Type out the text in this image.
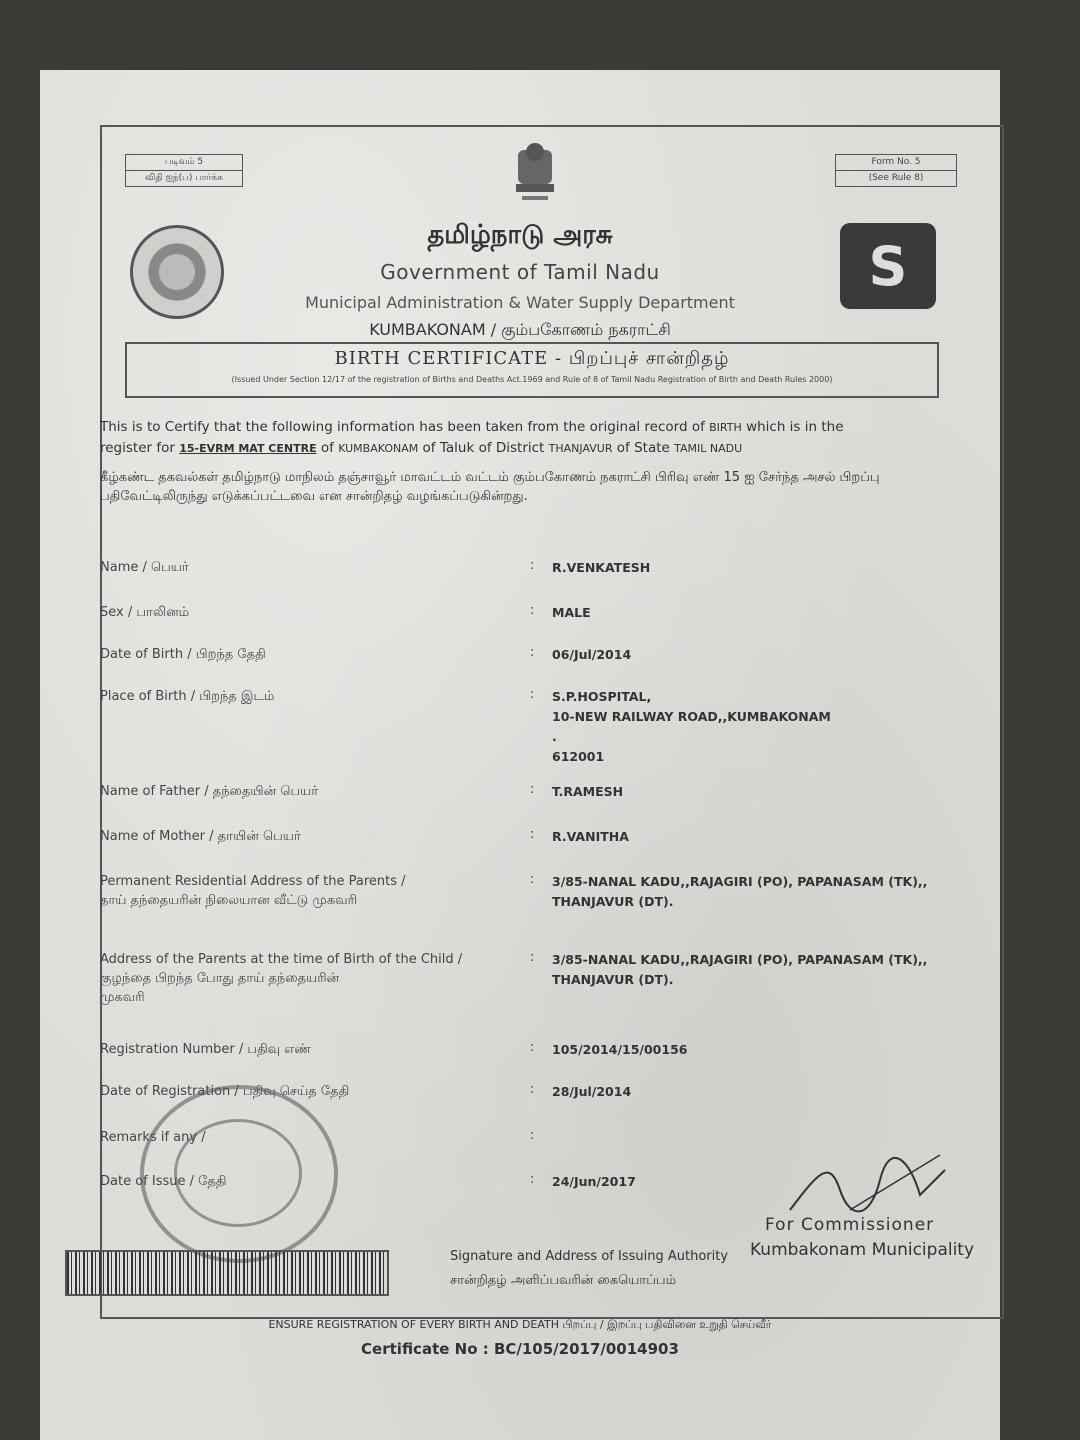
படிவம் 5
விதி ஐந்(ப) பார்க்க
Form No. 5
(See Rule 8)
S
தமிழ்நாடு அரசு
Government of Tamil Nadu
Municipal Administration & Water Supply Department
KUMBAKONAM / கும்பகோணம் நகராட்சி
BIRTH CERTIFICATE - பிறப்புச் சான்றிதழ்
(Issued Under Section 12/17 of the registration of Births and Deaths Act.1969 and Rule of 8 of Tamil Nadu Registration of Birth and Death Rules 2000)
This is to Certify that the following information has been taken from the original record of BIRTH which is in the register for 15-EVRM MAT CENTRE of KUMBAKONAM of Taluk of District THANJAVUR of State TAMIL NADU
கீழ்கண்ட தகவல்கள் தமிழ்நாடு மாநிலம் தஞ்சாவூர் மாவட்டம் வட்டம் கும்பகோணம் நகராட்சி பிரிவு எண் 15 ஐ சேர்ந்த அசல் பிறப்பு பதிவேட்டிலிருந்து எடுக்கப்பட்டவை என சான்றிதழ் வழங்கப்படுகின்றது.
Name / பெயர்	: R.VENKATESH
Sex / பாலினம்	: MALE
Date of Birth / பிறந்த தேதி	: 06/Jul/2014
Place of Birth / பிறந்த இடம்	: S.P.HOSPITAL,
10-NEW RAILWAY ROAD,,KUMBAKONAM
.
612001
Name of Father / தந்தையின் பெயர்	: T.RAMESH
Name of Mother / தாயின் பெயர்	: R.VANITHA
Permanent Residential Address of the Parents /
தாய் தந்தையரின் நிலையான வீட்டு முகவரி
: 3/85-NANAL KADU,,RAJAGIRI (PO), PAPANASAM (TK),,
THANJAVUR (DT).
Address of the Parents at the time of Birth of the Child /
குழந்தை பிறந்த போது தாய் தந்தையரின்
முகவரி
: 3/85-NANAL KADU,,RAJAGIRI (PO), PAPANASAM (TK),,
THANJAVUR (DT).
Registration Number / பதிவு எண்	: 105/2014/15/00156
Date of Registration / பதிவு செய்த தேதி	: 28/Jul/2014
Remarks if any /	:
Date of Issue / தேதி	: 24/Jun/2017
Signature and Address of Issuing Authority
சான்றிதழ் அளிப்பவரின் கையொப்பம்
For Commissioner
Kumbakonam Municipality
ENSURE REGISTRATION OF EVERY BIRTH AND DEATH பிறப்பு / இறப்பு பதிவினை உறுதி செய்வீர்
Certificate No : BC/105/2017/0014903
